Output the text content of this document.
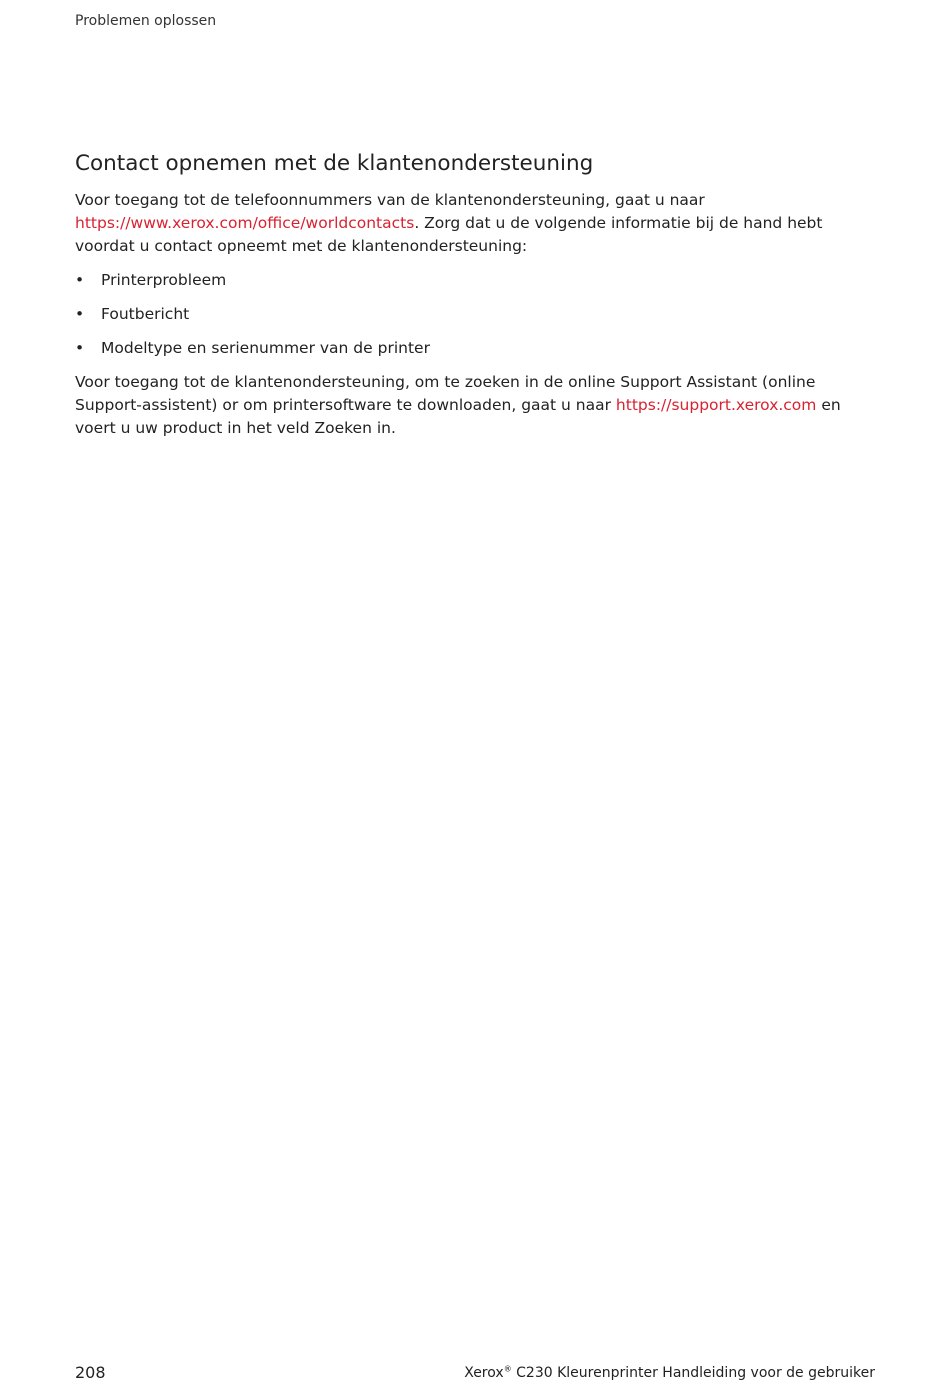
Problemen oplossen
Contact opnemen met de klantenondersteuning

Voor toegang tot de telefoonnummers van de klantenondersteuning, gaat u naar https://www.xerox.com/office/worldcontacts. Zorg dat u de volgende informatie bij de hand hebt voordat u contact opneemt met de klantenondersteuning:

• Printerprobleem
• Foutbericht
• Modeltype en serienummer van de printer

Voor toegang tot de klantenondersteuning, om te zoeken in de online Support Assistant (online Support-assistent) or om printersoftware te downloaden, gaat u naar https://support.xerox.com en voert u uw product in het veld Zoeken in.

208	Xerox® C230 Kleurenprinter Handleiding voor de gebruiker
